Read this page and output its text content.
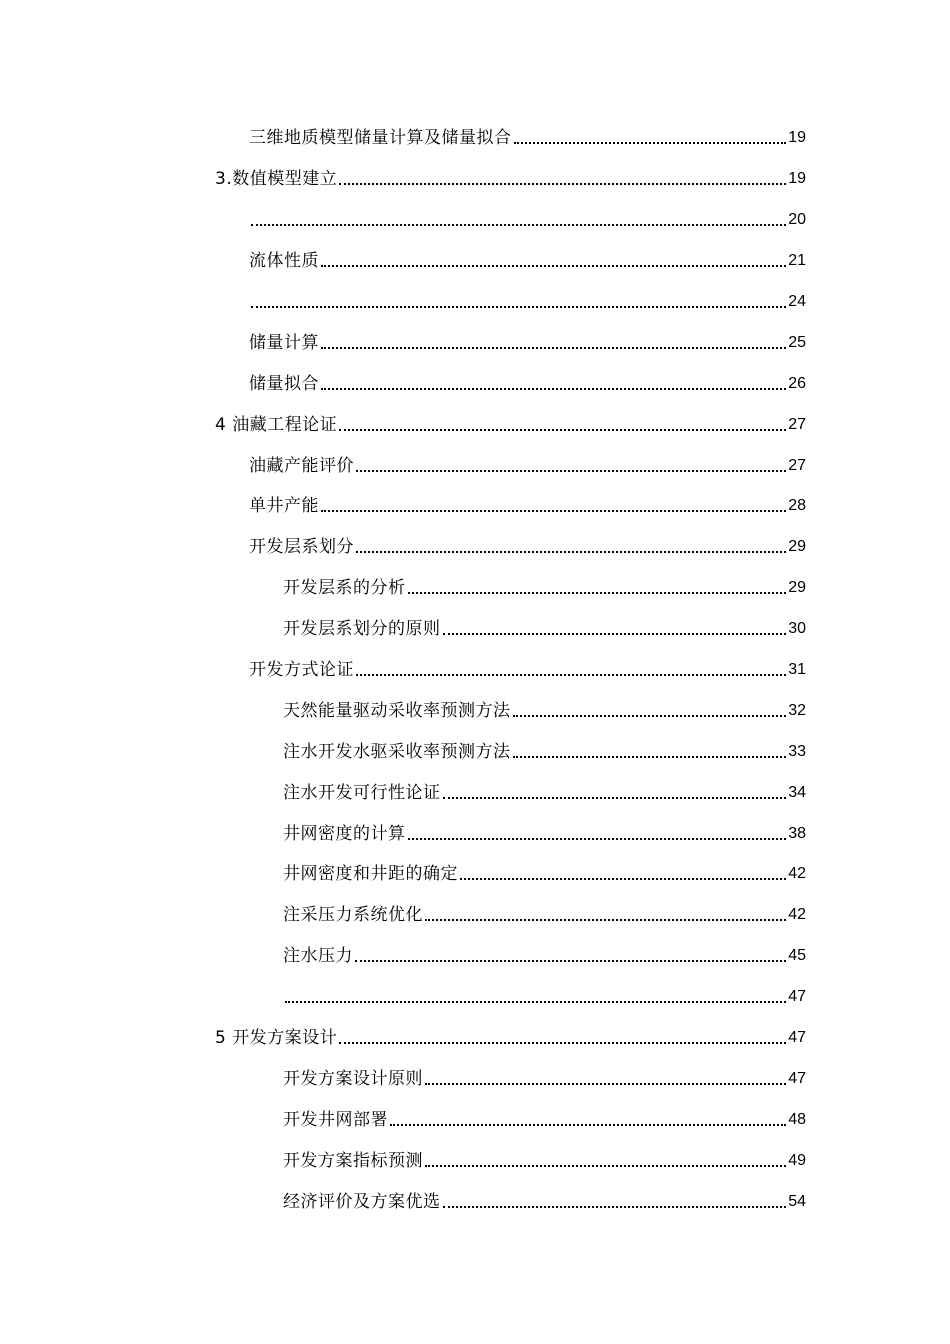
三维地质模型储量计算及储量拟合	19
3.数值模型建立	19
20
流体性质	21
24
储量计算	25
储量拟合	26
4 油藏工程论证	27
油藏产能评价	27
单井产能	28
开发层系划分	29
开发层系的分析	29
开发层系划分的原则	30
开发方式论证	31
天然能量驱动采收率预测方法	32
注水开发水驱采收率预测方法	33
注水开发可行性论证	34
井网密度的计算	38
井网密度和井距的确定	42
注采压力系统优化	42
注水压力	45
47
5 开发方案设计	47
开发方案设计原则	47
开发井网部署	48
开发方案指标预测	49
经济评价及方案优选	54
